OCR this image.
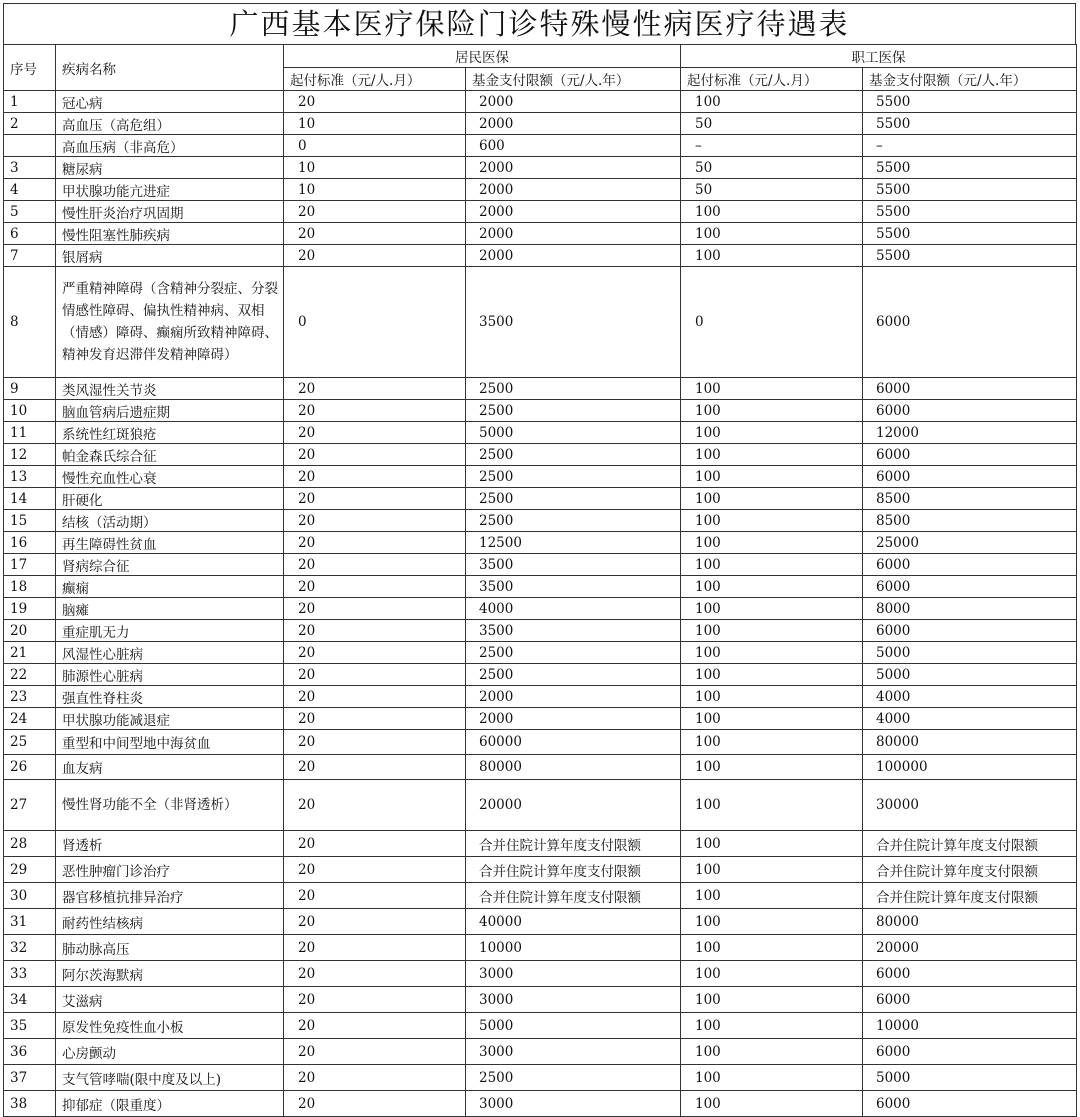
广西基本医疗保险门诊特殊慢性病医疗待遇表
序号	疾病名称	居民医保		职工医保	
		起付标准（元/人.月）	基金支付限额（元/人.年）	起付标准（元/人.月）	基金支付限额（元/人.年）
1	冠心病	20	2000	100	5500
2	高血压（高危组）	10	2000	50	5500
	高血压病（非高危）	0	600	–	–
3	糖尿病	10	2000	50	5500
4	甲状腺功能亢进症	10	2000	50	5500
5	慢性肝炎治疗巩固期	20	2000	100	5500
6	慢性阻塞性肺疾病	20	2000	100	5500
7	银屑病	20	2000	100	5500
8	严重精神障碍（含精神分裂症、分裂情感性障碍、偏执性精神病、双相（情感）障碍、癫痫所致精神障碍、精神发育迟滞伴发精神障碍）	0	3500	0	6000
9	类风湿性关节炎	20	2500	100	6000
10	脑血管病后遗症期	20	2500	100	6000
11	系统性红斑狼疮	20	5000	100	12000
12	帕金森氏综合征	20	2500	100	6000
13	慢性充血性心衰	20	2500	100	6000
14	肝硬化	20	2500	100	8500
15	结核（活动期）	20	2500	100	8500
16	再生障碍性贫血	20	12500	100	25000
17	肾病综合征	20	3500	100	6000
18	癫痫	20	3500	100	6000
19	脑瘫	20	4000	100	8000
20	重症肌无力	20	3500	100	6000
21	风湿性心脏病	20	2500	100	5000
22	肺源性心脏病	20	2500	100	5000
23	强直性脊柱炎	20	2000	100	4000
24	甲状腺功能减退症	20	2000	100	4000
25	重型和中间型地中海贫血	20	60000	100	80000
26	血友病	20	80000	100	100000
27	慢性肾功能不全（非肾透析）	20	20000	100	30000
28	肾透析	20	合并住院计算年度支付限额	100	合并住院计算年度支付限额
29	恶性肿瘤门诊治疗	20	合并住院计算年度支付限额	100	合并住院计算年度支付限额
30	器官移植抗排异治疗	20	合并住院计算年度支付限额	100	合并住院计算年度支付限额
31	耐药性结核病	20	40000	100	80000
32	肺动脉高压	20	10000	100	20000
33	阿尔茨海默病	20	3000	100	6000
34	艾滋病	20	3000	100	6000
35	原发性免疫性血小板	20	5000	100	10000
36	心房颤动	20	3000	100	6000
37	支气管哮喘(限中度及以上)	20	2500	100	5000
38	抑郁症（限重度）	20	3000	100	6000
